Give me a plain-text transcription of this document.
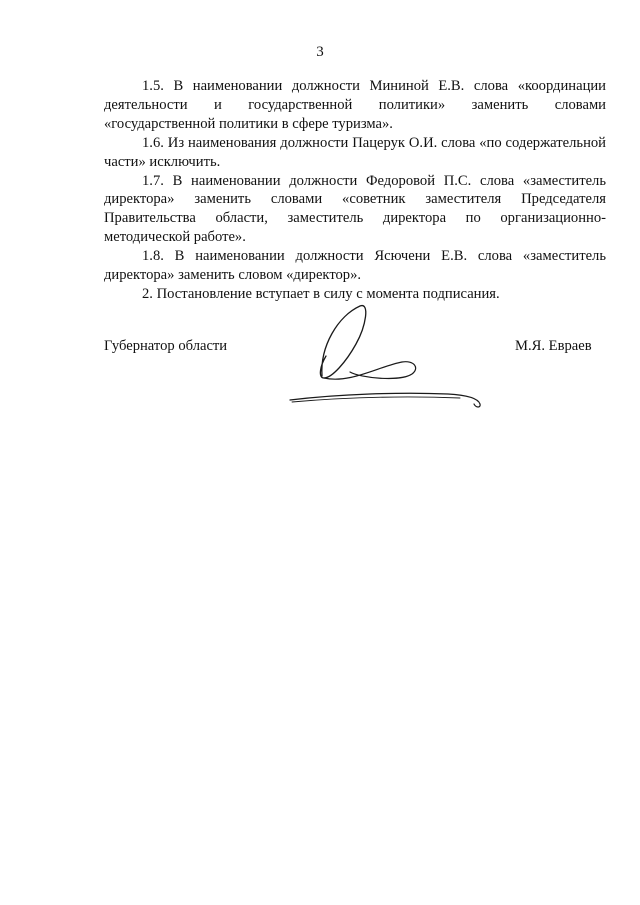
3

1.5. В наименовании должности Мининой Е.В. слова «координации деятельности и государственной политики» заменить словами «государственной политики в сфере туризма».

1.6. Из наименования должности Пацерук О.И. слова «по содержательной части» исключить.

1.7. В наименовании должности Федоровой П.С. слова «заместитель директора» заменить словами «советник заместителя Председателя Правительства области, заместитель директора по организационно-методической работе».

1.8. В наименовании должности Ясючени Е.В. слова «заместитель директора» заменить словом «директор».

2. Постановление вступает в силу с момента подписания.

Губернатор области	М.Я. Евраев
